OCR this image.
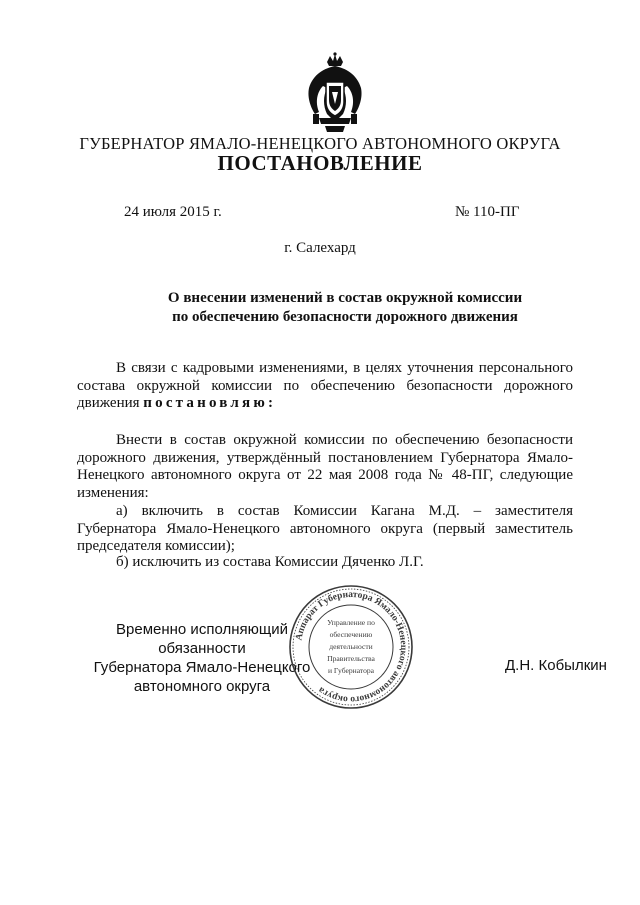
ГУБЕРНАТОР ЯМАЛО-НЕНЕЦКОГО АВТОНОМНОГО ОКРУГА
ПОСТАНОВЛЕНИЕ
24 июля 2015 г.	№ 110-ПГ
г. Салехард
О внесении изменений в состав окружной комиссии
по обеспечению безопасности дорожного движения
В связи с кадровыми изменениями, в целях уточнения персонального состава окружной комиссии по обеспечению безопасности дорожного движения постановляю:
Внести в состав окружной комиссии по обеспечению безопасности дорожного движения, утверждённый постановлением Губернатора Ямало-Ненецкого автономного округа от 22 мая 2008 года № 48-ПГ, следующие изменения:
а) включить в состав Комиссии Кагана М.Д. – заместителя Губернатора Ямало-Ненецкого автономного округа (первый заместитель председателя комиссии);
б) исключить из состава Комиссии Дяченко Л.Г.
Временно исполняющий обязанности
Губернатора Ямало-Ненецкого
автономного округа
Д.Н. Кобылкин
Аппарат Губернатора Ямало-Ненецкого автономного округа
Управление по
обеспечению
деятельности
Правительства
и Губернатора
